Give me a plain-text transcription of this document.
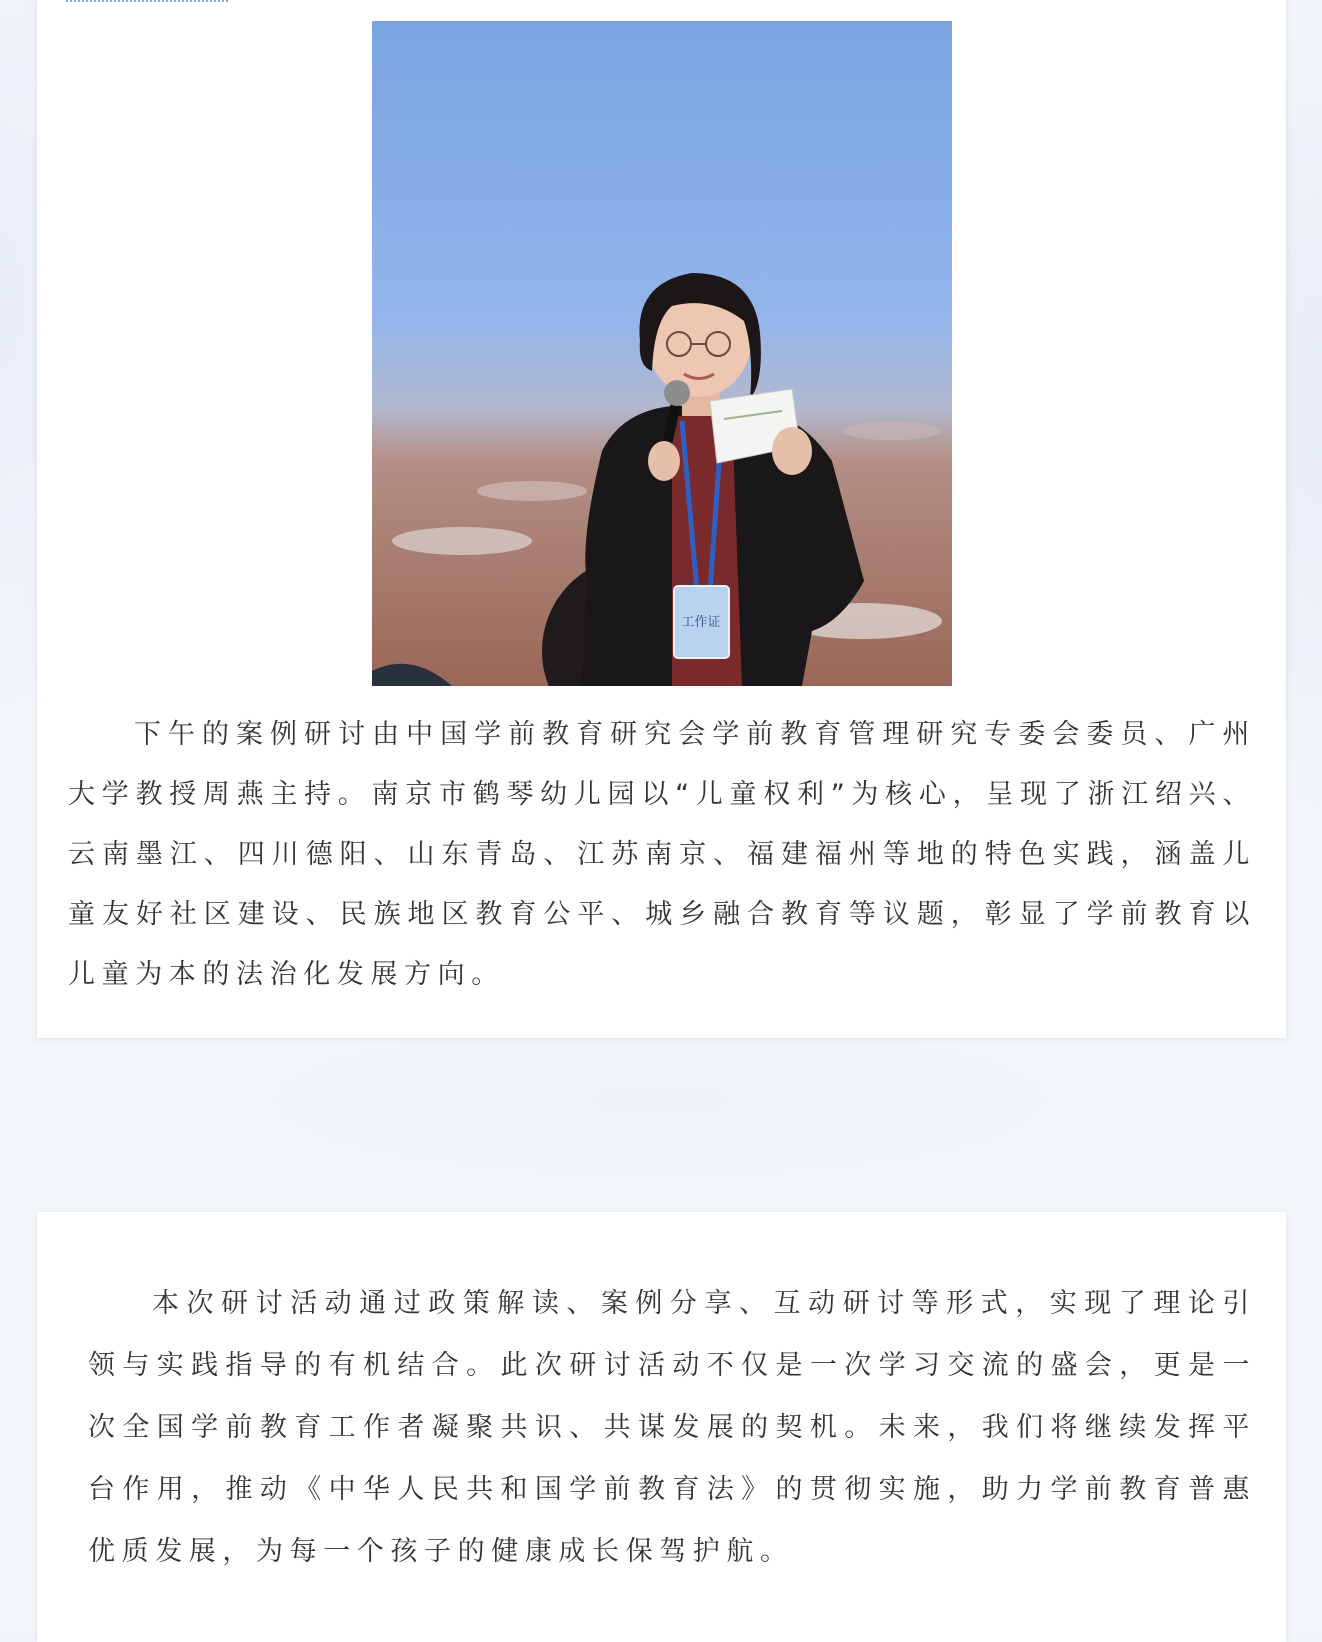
工作证

下午的案例研讨由中国学前教育研究会学前教育管理研究专委会委员、广州大学教授周燕主持。南京市鹤琴幼儿园以“儿童权利”为核心，呈现了浙江绍兴、云南墨江、四川德阳、山东青岛、江苏南京、福建福州等地的特色实践，涵盖儿童友好社区建设、民族地区教育公平、城乡融合教育等议题，彰显了学前教育以儿童为本的法治化发展方向。

本次研讨活动通过政策解读、案例分享、互动研讨等形式，实现了理论引领与实践指导的有机结合。此次研讨活动不仅是一次学习交流的盛会，更是一次全国学前教育工作者凝聚共识、共谋发展的契机。未来，我们将继续发挥平台作用，推动《中华人民共和国学前教育法》的贯彻实施，助力学前教育普惠优质发展，为每一个孩子的健康成长保驾护航。
